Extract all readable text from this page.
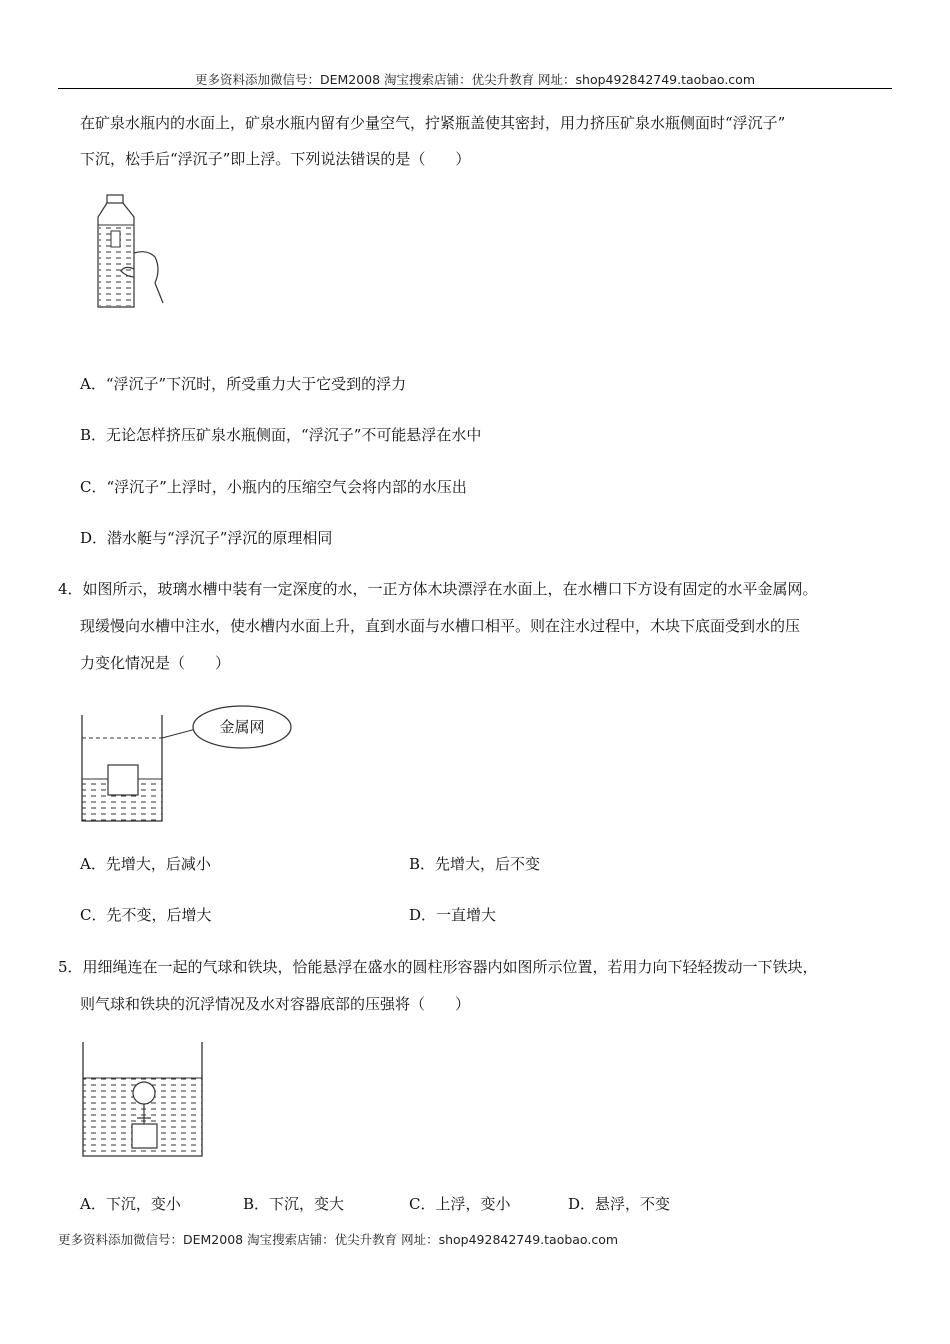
更多资料添加微信号：DEM2008 淘宝搜索店铺：优尖升教育 网址：shop492842749.taobao.com
在矿泉水瓶内的水面上，矿泉水瓶内留有少量空气，拧紧瓶盖使其密封，用力挤压矿泉水瓶侧面时“浮沉子”
下沉，松手后“浮沉子”即上浮。下列说法错误的是（　　）
A．“浮沉子”下沉时，所受重力大于它受到的浮力
B．无论怎样挤压矿泉水瓶侧面，“浮沉子”不可能悬浮在水中
C．“浮沉子”上浮时，小瓶内的压缩空气会将内部的水压出
D．潜水艇与“浮沉子”浮沉的原理相同
4．如图所示，玻璃水槽中装有一定深度的水，一正方体木块漂浮在水面上，在水槽口下方设有固定的水平金属网。
现缓慢向水槽中注水，使水槽内水面上升，直到水面与水槽口相平。则在注水过程中，木块下底面受到水的压
力变化情况是（　　）
金属网
A．先增大，后减小	B．先增大，后不变
C．先不变，后增大	D．一直增大
5．用细绳连在一起的气球和铁块，恰能悬浮在盛水的圆柱形容器内如图所示位置，若用力向下轻轻拨动一下铁块，
则气球和铁块的沉浮情况及水对容器底部的压强将（　　）
A．下沉，变小	B．下沉，变大	C．上浮，变小	D．悬浮，不变
更多资料添加微信号：DEM2008 淘宝搜索店铺：优尖升教育 网址：shop492842749.taobao.com
